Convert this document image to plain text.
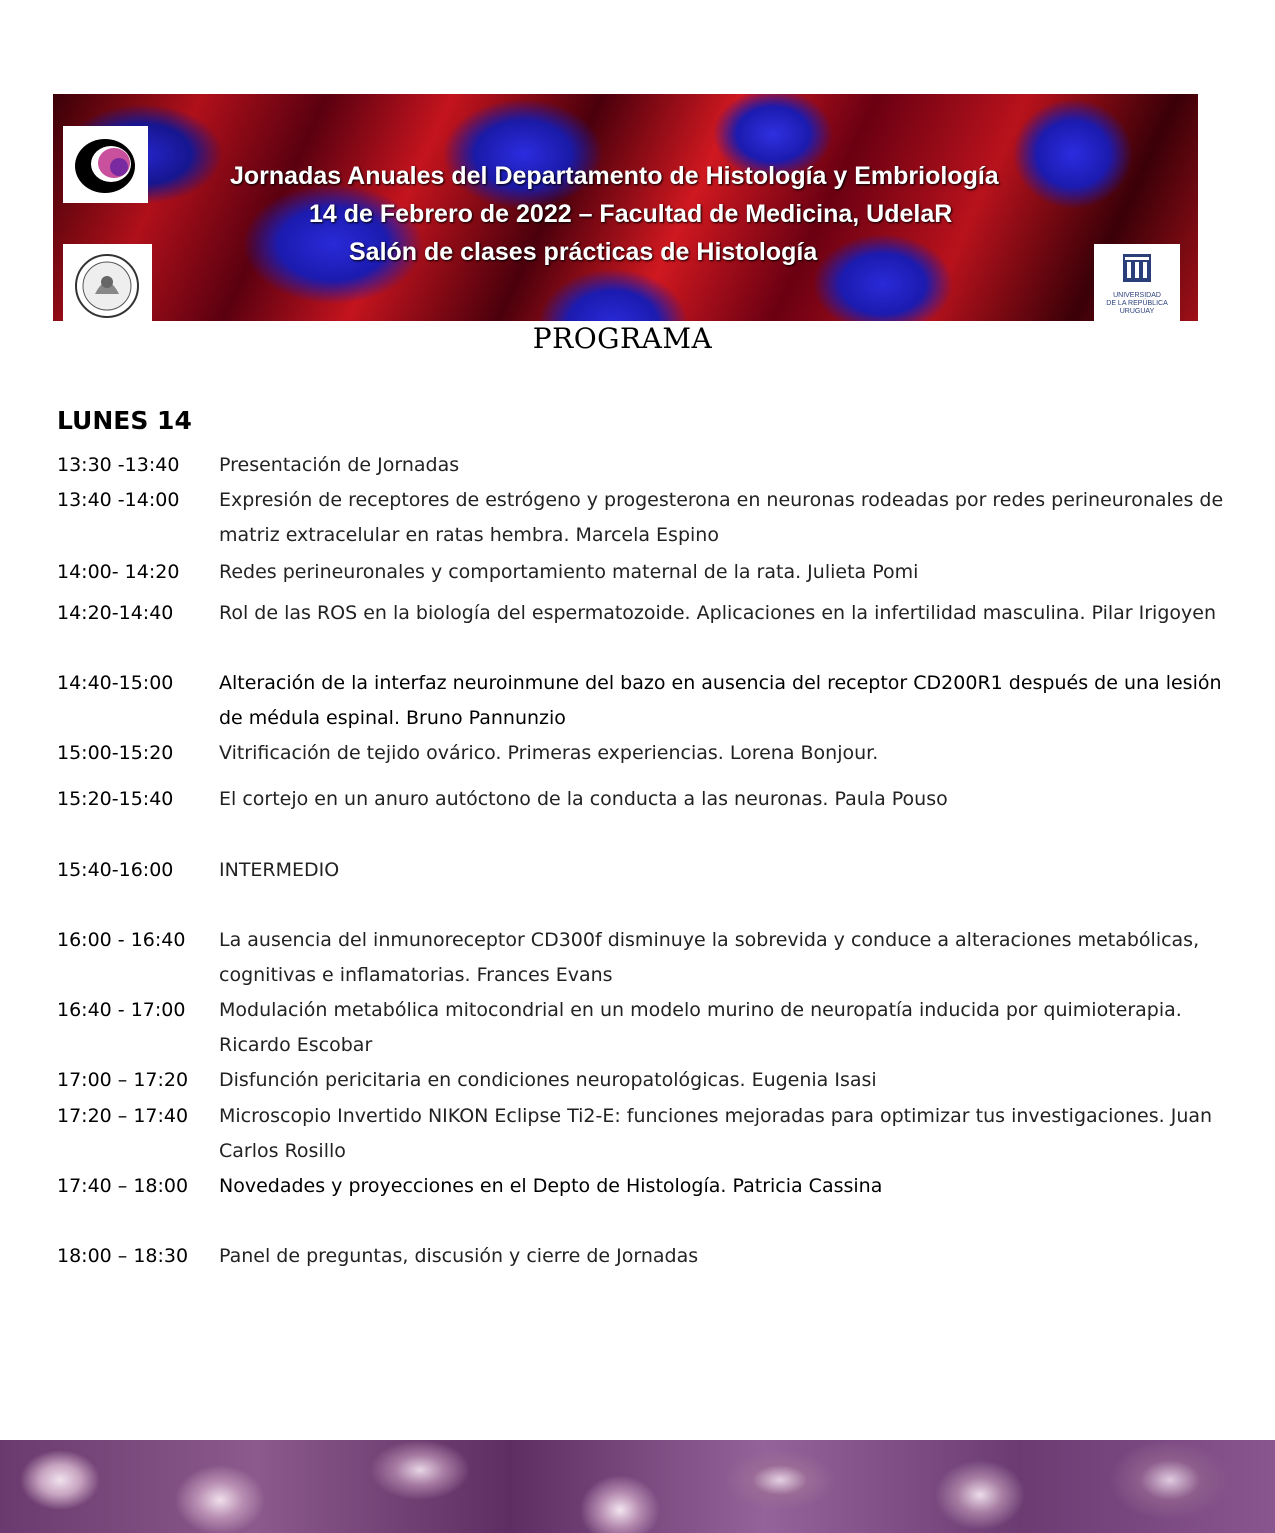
UNIVERSIDAD
DE LA REPÚBLICA
URUGUAY
Jornadas Anuales del Departamento de Histología y Embriología
14 de Febrero de 2022 – Facultad de Medicina, UdelaR
Salón de clases prácticas de Histología
PROGRAMA
LUNES 14
13:30 -13:40	Presentación de Jornadas
13:40 -14:00	Expresión de receptores de estrógeno y progesterona en neuronas rodeadas por redes perineuronales de matriz extracelular en ratas hembra. Marcela Espino
14:00- 14:20	Redes perineuronales y comportamiento maternal de la rata. Julieta Pomi
14:20-14:40	Rol de las ROS en la biología del espermatozoide. Aplicaciones en la infertilidad masculina. Pilar Irigoyen
14:40-15:00	Alteración de la interfaz neuroinmune del bazo en ausencia del receptor CD200R1 después de una lesión de médula espinal. Bruno Pannunzio
15:00-15:20	Vitrificación de tejido ovárico. Primeras experiencias. Lorena Bonjour.
15:20-15:40	El cortejo en un anuro autóctono de la conducta a las neuronas. Paula Pouso
15:40-16:00	INTERMEDIO
16:00 - 16:40	La ausencia del inmunoreceptor CD300f disminuye la sobrevida y conduce a alteraciones metabólicas, cognitivas e inflamatorias. Frances Evans
16:40 - 17:00	Modulación metabólica mitocondrial en un modelo murino de neuropatía inducida por quimioterapia. Ricardo Escobar
17:00 – 17:20	Disfunción pericitaria en condiciones neuropatológicas. Eugenia Isasi
17:20 – 17:40	Microscopio Invertido NIKON Eclipse Ti2-E: funciones mejoradas para optimizar tus investigaciones. Juan Carlos Rosillo
17:40 – 18:00	Novedades y proyecciones en el Depto de Histología. Patricia Cassina
18:00 – 18:30	Panel de preguntas, discusión y cierre de Jornadas
